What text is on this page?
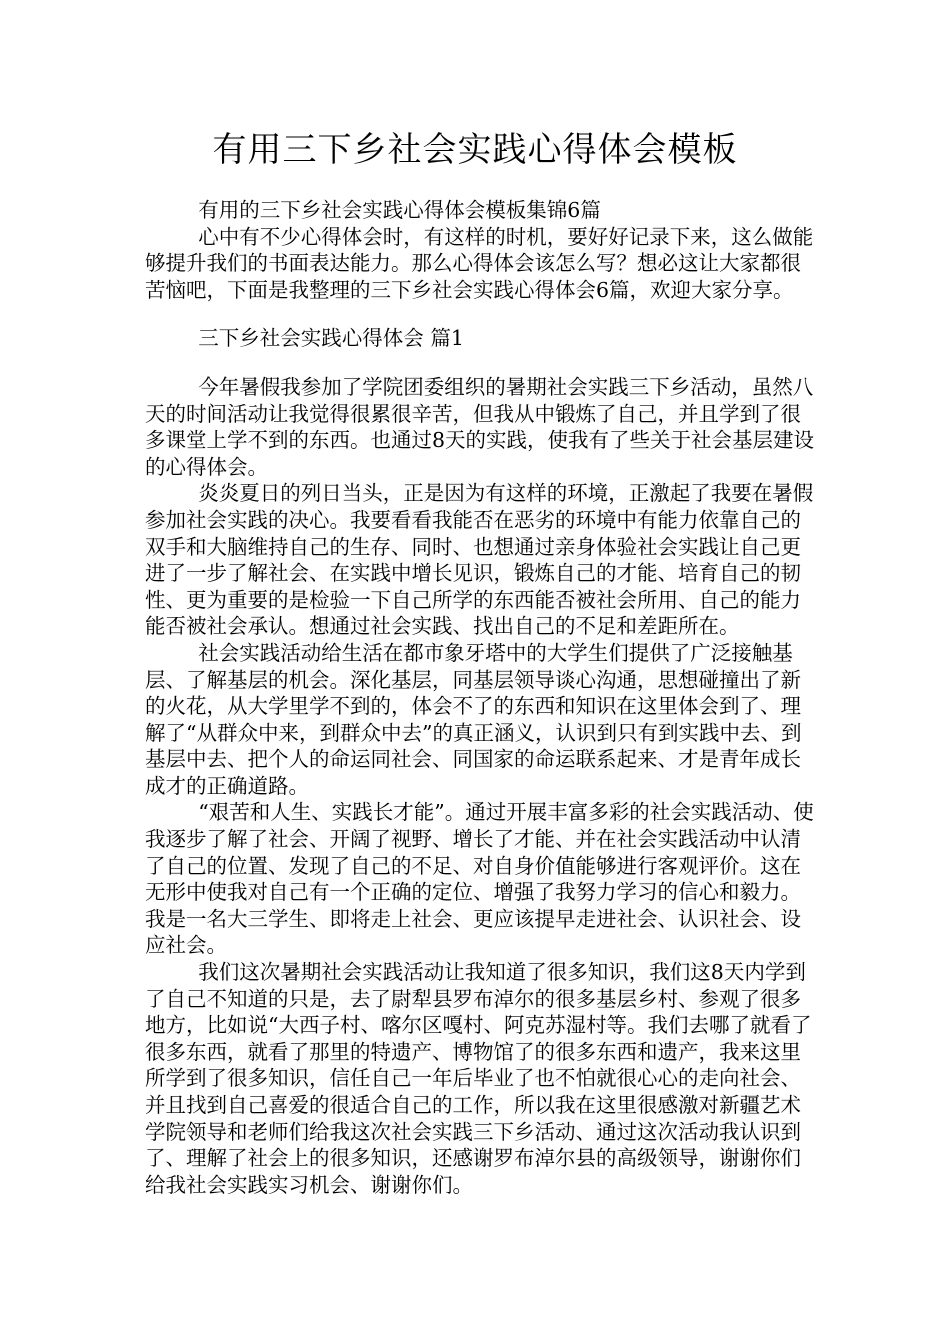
有用三下乡社会实践心得体会模板

有用的三下乡社会实践心得体会模板集锦6篇

心中有不少心得体会时，有这样的时机，要好好记录下来，这么做能够提升我们的书面表达能力。那么心得体会该怎么写？想必这让大家都很苦恼吧，下面是我整理的三下乡社会实践心得体会6篇，欢迎大家分享。

三下乡社会实践心得体会 篇1

今年暑假我参加了学院团委组织的暑期社会实践三下乡活动，虽然八天的时间活动让我觉得很累很辛苦，但我从中锻炼了自己，并且学到了很多课堂上学不到的东西。也通过8天的实践，使我有了些关于社会基层建设的心得体会。

炎炎夏日的列日当头，正是因为有这样的环境，正激起了我要在暑假参加社会实践的决心。我要看看我能否在恶劣的环境中有能力依靠自己的双手和大脑维持自己的生存、同时、也想通过亲身体验社会实践让自己更进了一步了解社会、在实践中增长见识，锻炼自己的才能、培育自己的韧性、更为重要的是检验一下自己所学的东西能否被社会所用、自己的能力能否被社会承认。想通过社会实践、找出自己的不足和差距所在。

社会实践活动给生活在都市象牙塔中的大学生们提供了广泛接触基层、了解基层的机会。深化基层，同基层领导谈心沟通，思想碰撞出了新的火花，从大学里学不到的，体会不了的东西和知识在这里体会到了、理解了“从群众中来，到群众中去”的真正涵义，认识到只有到实践中去、到基层中去、把个人的命运同社会、同国家的命运联系起来、才是青年成长成才的正确道路。

“艰苦和人生、实践长才能”。通过开展丰富多彩的社会实践活动、使我逐步了解了社会、开阔了视野、增长了才能、并在社会实践活动中认清了自己的位置、发现了自己的不足、对自身价值能够进行客观评价。这在无形中使我对自己有一个正确的定位、增强了我努力学习的信心和毅力。我是一名大三学生、即将走上社会、更应该提早走进社会、认识社会、设应社会。

我们这次暑期社会实践活动让我知道了很多知识，我们这8天内学到了自己不知道的只是，去了尉犁县罗布淖尔的很多基层乡村、参观了很多地方，比如说“大西子村、喀尔区嘎村、阿克苏湿村等。我们去哪了就看了很多东西，就看了那里的特遗产、博物馆了的很多东西和遗产，我来这里所学到了很多知识，信任自己一年后毕业了也不怕就很心心的走向社会、并且找到自己喜爱的很适合自己的工作，所以我在这里很感激对新疆艺术学院领导和老师们给我这次社会实践三下乡活动、通过这次活动我认识到了、理解了社会上的很多知识，还感谢罗布淖尔县的高级领导，谢谢你们给我社会实践实习机会、谢谢你们。
